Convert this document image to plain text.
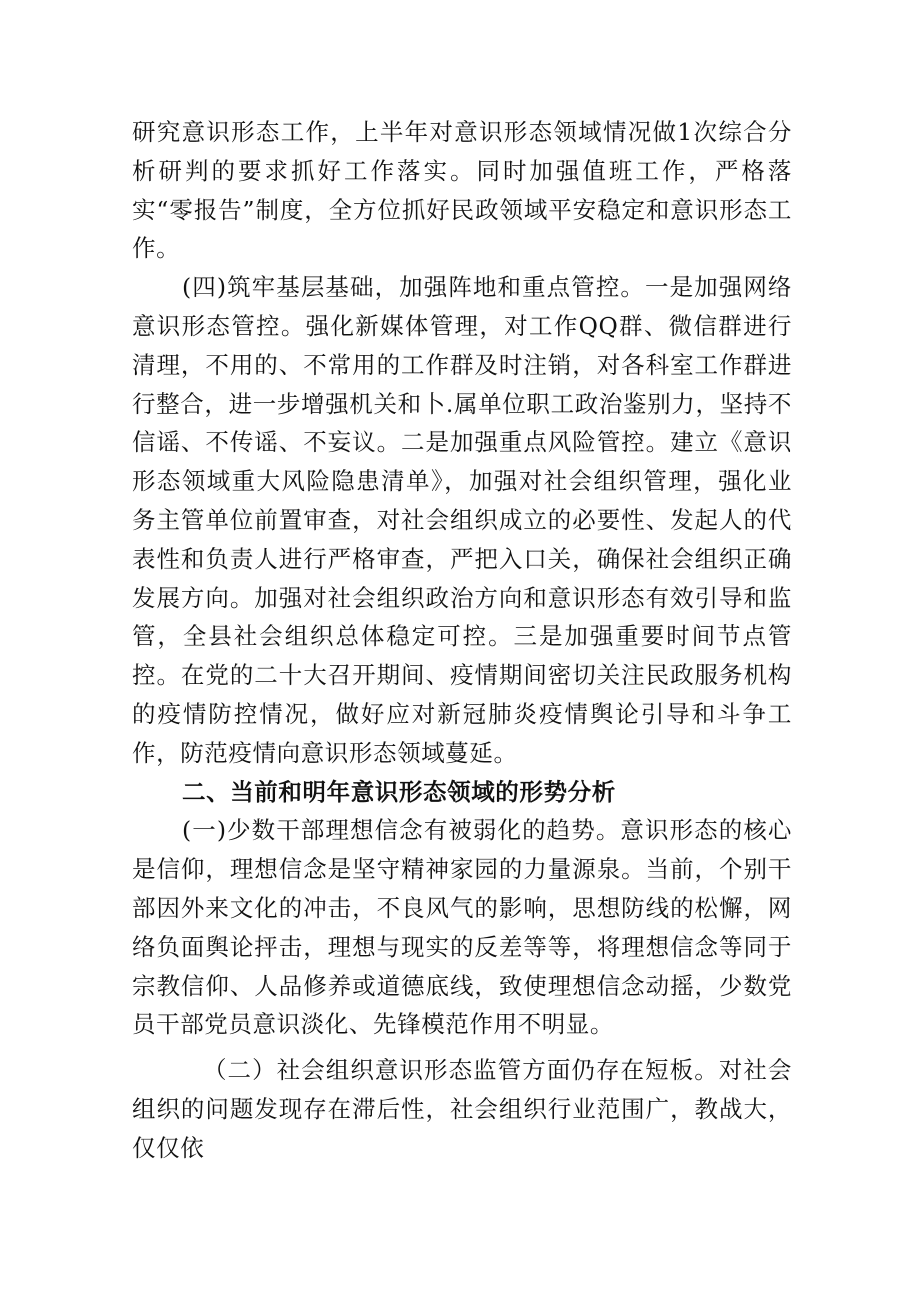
研究意识形态工作，上半年对意识形态领域情况做1次综合分析研判的要求抓好工作落实。同时加强值班工作，严格落实“零报告”制度，全方位抓好民政领域平安稳定和意识形态工作。

(四)筑牢基层基础，加强阵地和重点管控。一是加强网络意识形态管控。强化新媒体管理，对工作QQ群、微信群进行清理，不用的、不常用的工作群及时注销，对各科室工作群进行整合，进一步增强机关和卜.属单位职工政治鉴别力，坚持不信谣、不传谣、不妄议。二是加强重点风险管控。建立《意识形态领域重大风险隐患清单》，加强对社会组织管理，强化业务主管单位前置审查，对社会组织成立的必要性、发起人的代表性和负责人进行严格审查，严把入口关，确保社会组织正确发展方向。加强对社会组织政治方向和意识形态有效引导和监管，全县社会组织总体稳定可控。三是加强重要时间节点管控。在党的二十大召开期间、疫情期间密切关注民政服务机构的疫情防控情况，做好应对新冠肺炎疫情舆论引导和斗争工作，防范疫情向意识形态领域蔓延。

二、当前和明年意识形态领域的形势分析

(一)少数干部理想信念有被弱化的趋势。意识形态的核心是信仰，理想信念是坚守精神家园的力量源泉。当前，个别干部因外来文化的冲击，不良风气的影响，思想防线的松懈，网络负面舆论抨击，理想与现实的反差等等，将理想信念等同于宗教信仰、人品修养或道德底线，致使理想信念动摇，少数党员干部党员意识淡化、先锋模范作用不明显。

（二）社会组织意识形态监管方面仍存在短板。对社会组织的问题发现存在滞后性，社会组织行业范围广，教战大，仅仅依
